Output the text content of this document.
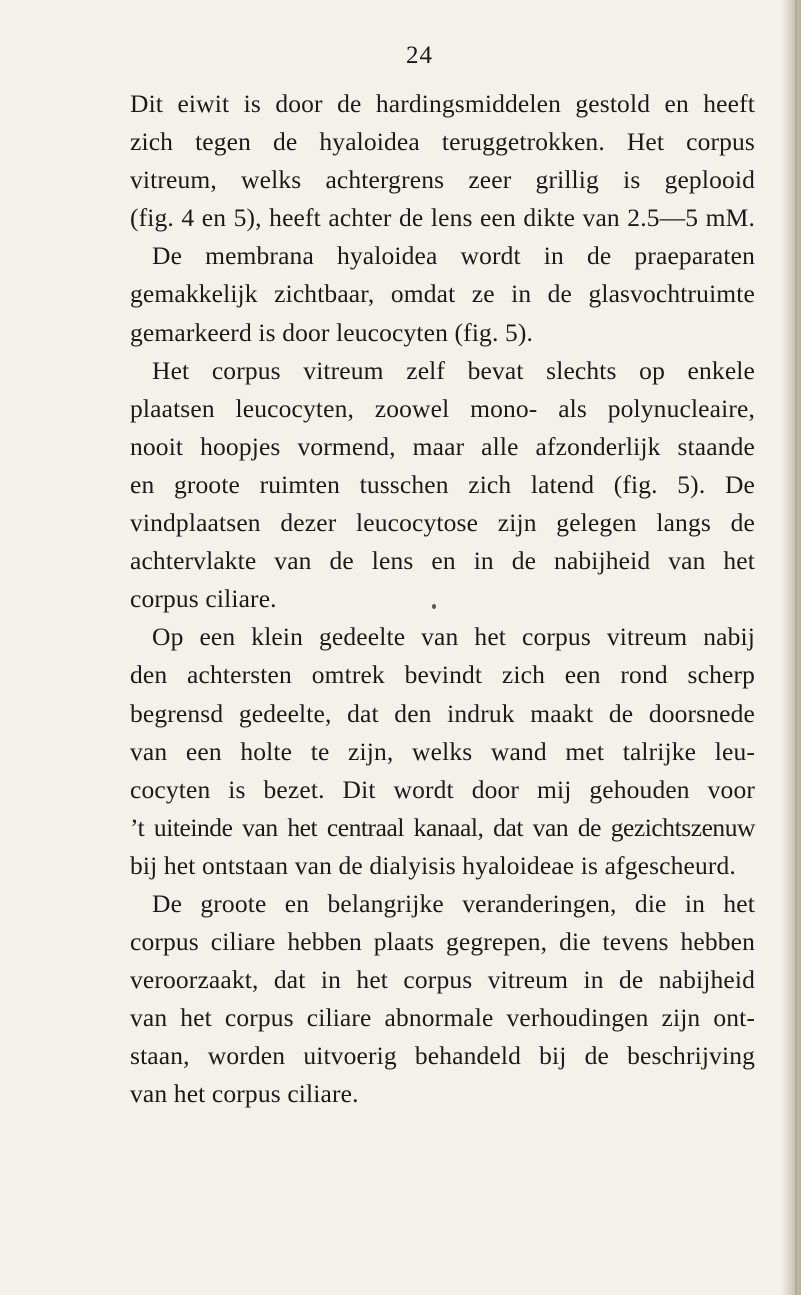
24
Dit eiwit is door de hardingsmiddelen gestold en heeft
zich tegen de hyaloidea teruggetrokken. Het corpus
vitreum, welks achtergrens zeer grillig is geplooid
(fig. 4 en 5), heeft achter de lens een dikte van 2.5—5 mM.
De membrana hyaloidea wordt in de praeparaten
gemakkelijk zichtbaar, omdat ze in de glasvochtruimte
gemarkeerd is door leucocyten (fig. 5).
Het corpus vitreum zelf bevat slechts op enkele
plaatsen leucocyten, zoowel mono- als polynucleaire,
nooit hoopjes vormend, maar alle afzonderlijk staande
en groote ruimten tusschen zich latend (fig. 5). De
vindplaatsen dezer leucocytose zijn gelegen langs de
achtervlakte van de lens en in de nabijheid van het
corpus ciliare.
Op een klein gedeelte van het corpus vitreum nabij
den achtersten omtrek bevindt zich een rond scherp
begrensd gedeelte, dat den indruk maakt de doorsnede
van een holte te zijn, welks wand met talrijke leu-
cocyten is bezet. Dit wordt door mij gehouden voor
’t uiteinde van het centraal kanaal, dat van de gezichtszenuw
bij het ontstaan van de dialyisis hyaloideae is afgescheurd.
De groote en belangrijke veranderingen, die in het
corpus ciliare hebben plaats gegrepen, die tevens hebben
veroorzaakt, dat in het corpus vitreum in de nabijheid
van het corpus ciliare abnormale verhoudingen zijn ont-
staan, worden uitvoerig behandeld bij de beschrijving
van het corpus ciliare.
